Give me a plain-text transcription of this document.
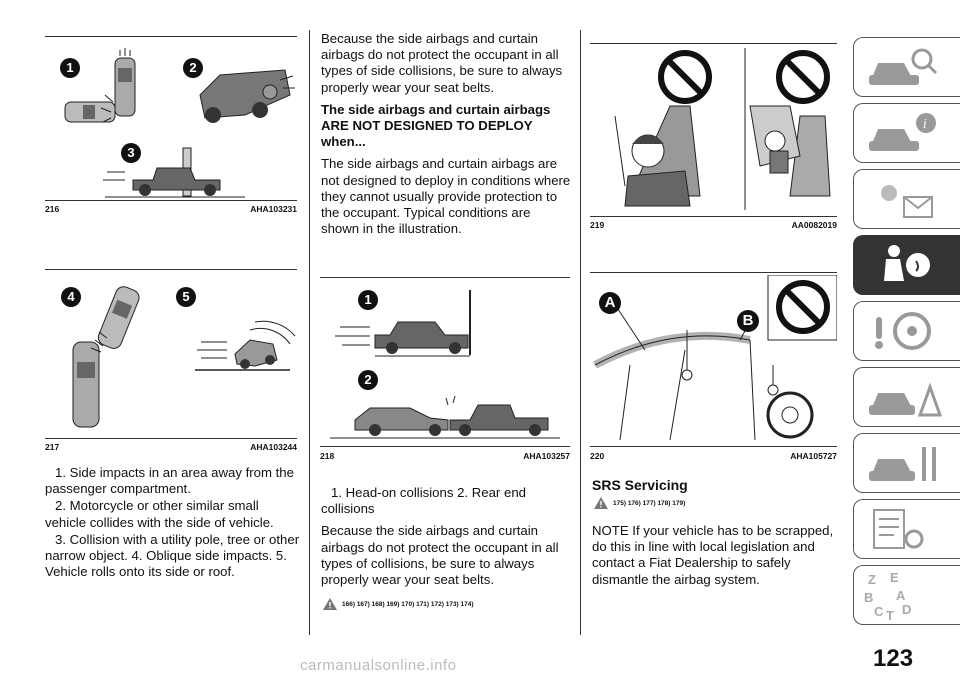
1	2
3
216	AHA103231
4	5
217	AHA103244

1. Side impacts in an area away from the passenger compartment.

2. Motorcycle or other similar small vehicle collides with the side of vehicle.

3. Collision with a utility pole, tree or other narrow object. 4. Oblique side impacts. 5. Vehicle rolls onto its side or roof.

Because the side airbags and curtain airbags do not protect the occupant in all types of side collisions, be sure to always properly wear your seat belts.

The side airbags and curtain airbags ARE NOT DESIGNED TO DEPLOY when...

The side airbags and curtain airbags are not designed to deploy in conditions where they cannot usually provide protection to the occupant. Typical conditions are shown in the illustration.

1
2
218	AHA103257

1. Head-on collisions 2. Rear end collisions

Because the side airbags and curtain airbags do not protect the occupant in all types of collisions, be sure to always properly wear your seat belts.

166) 167) 168) 169) 170) 171) 172) 173) 174)
219	AA0082019
A
B
220	AHA105727
SRS Servicing
175) 176) 177) 178) 179)
NOTE If your vehicle has to be scrapped, do this in line with local legislation and contact a Fiat Dealership to safely dismantle the airbag system.
i
Z E
B A
C T D
123
carmanualsonline.info
